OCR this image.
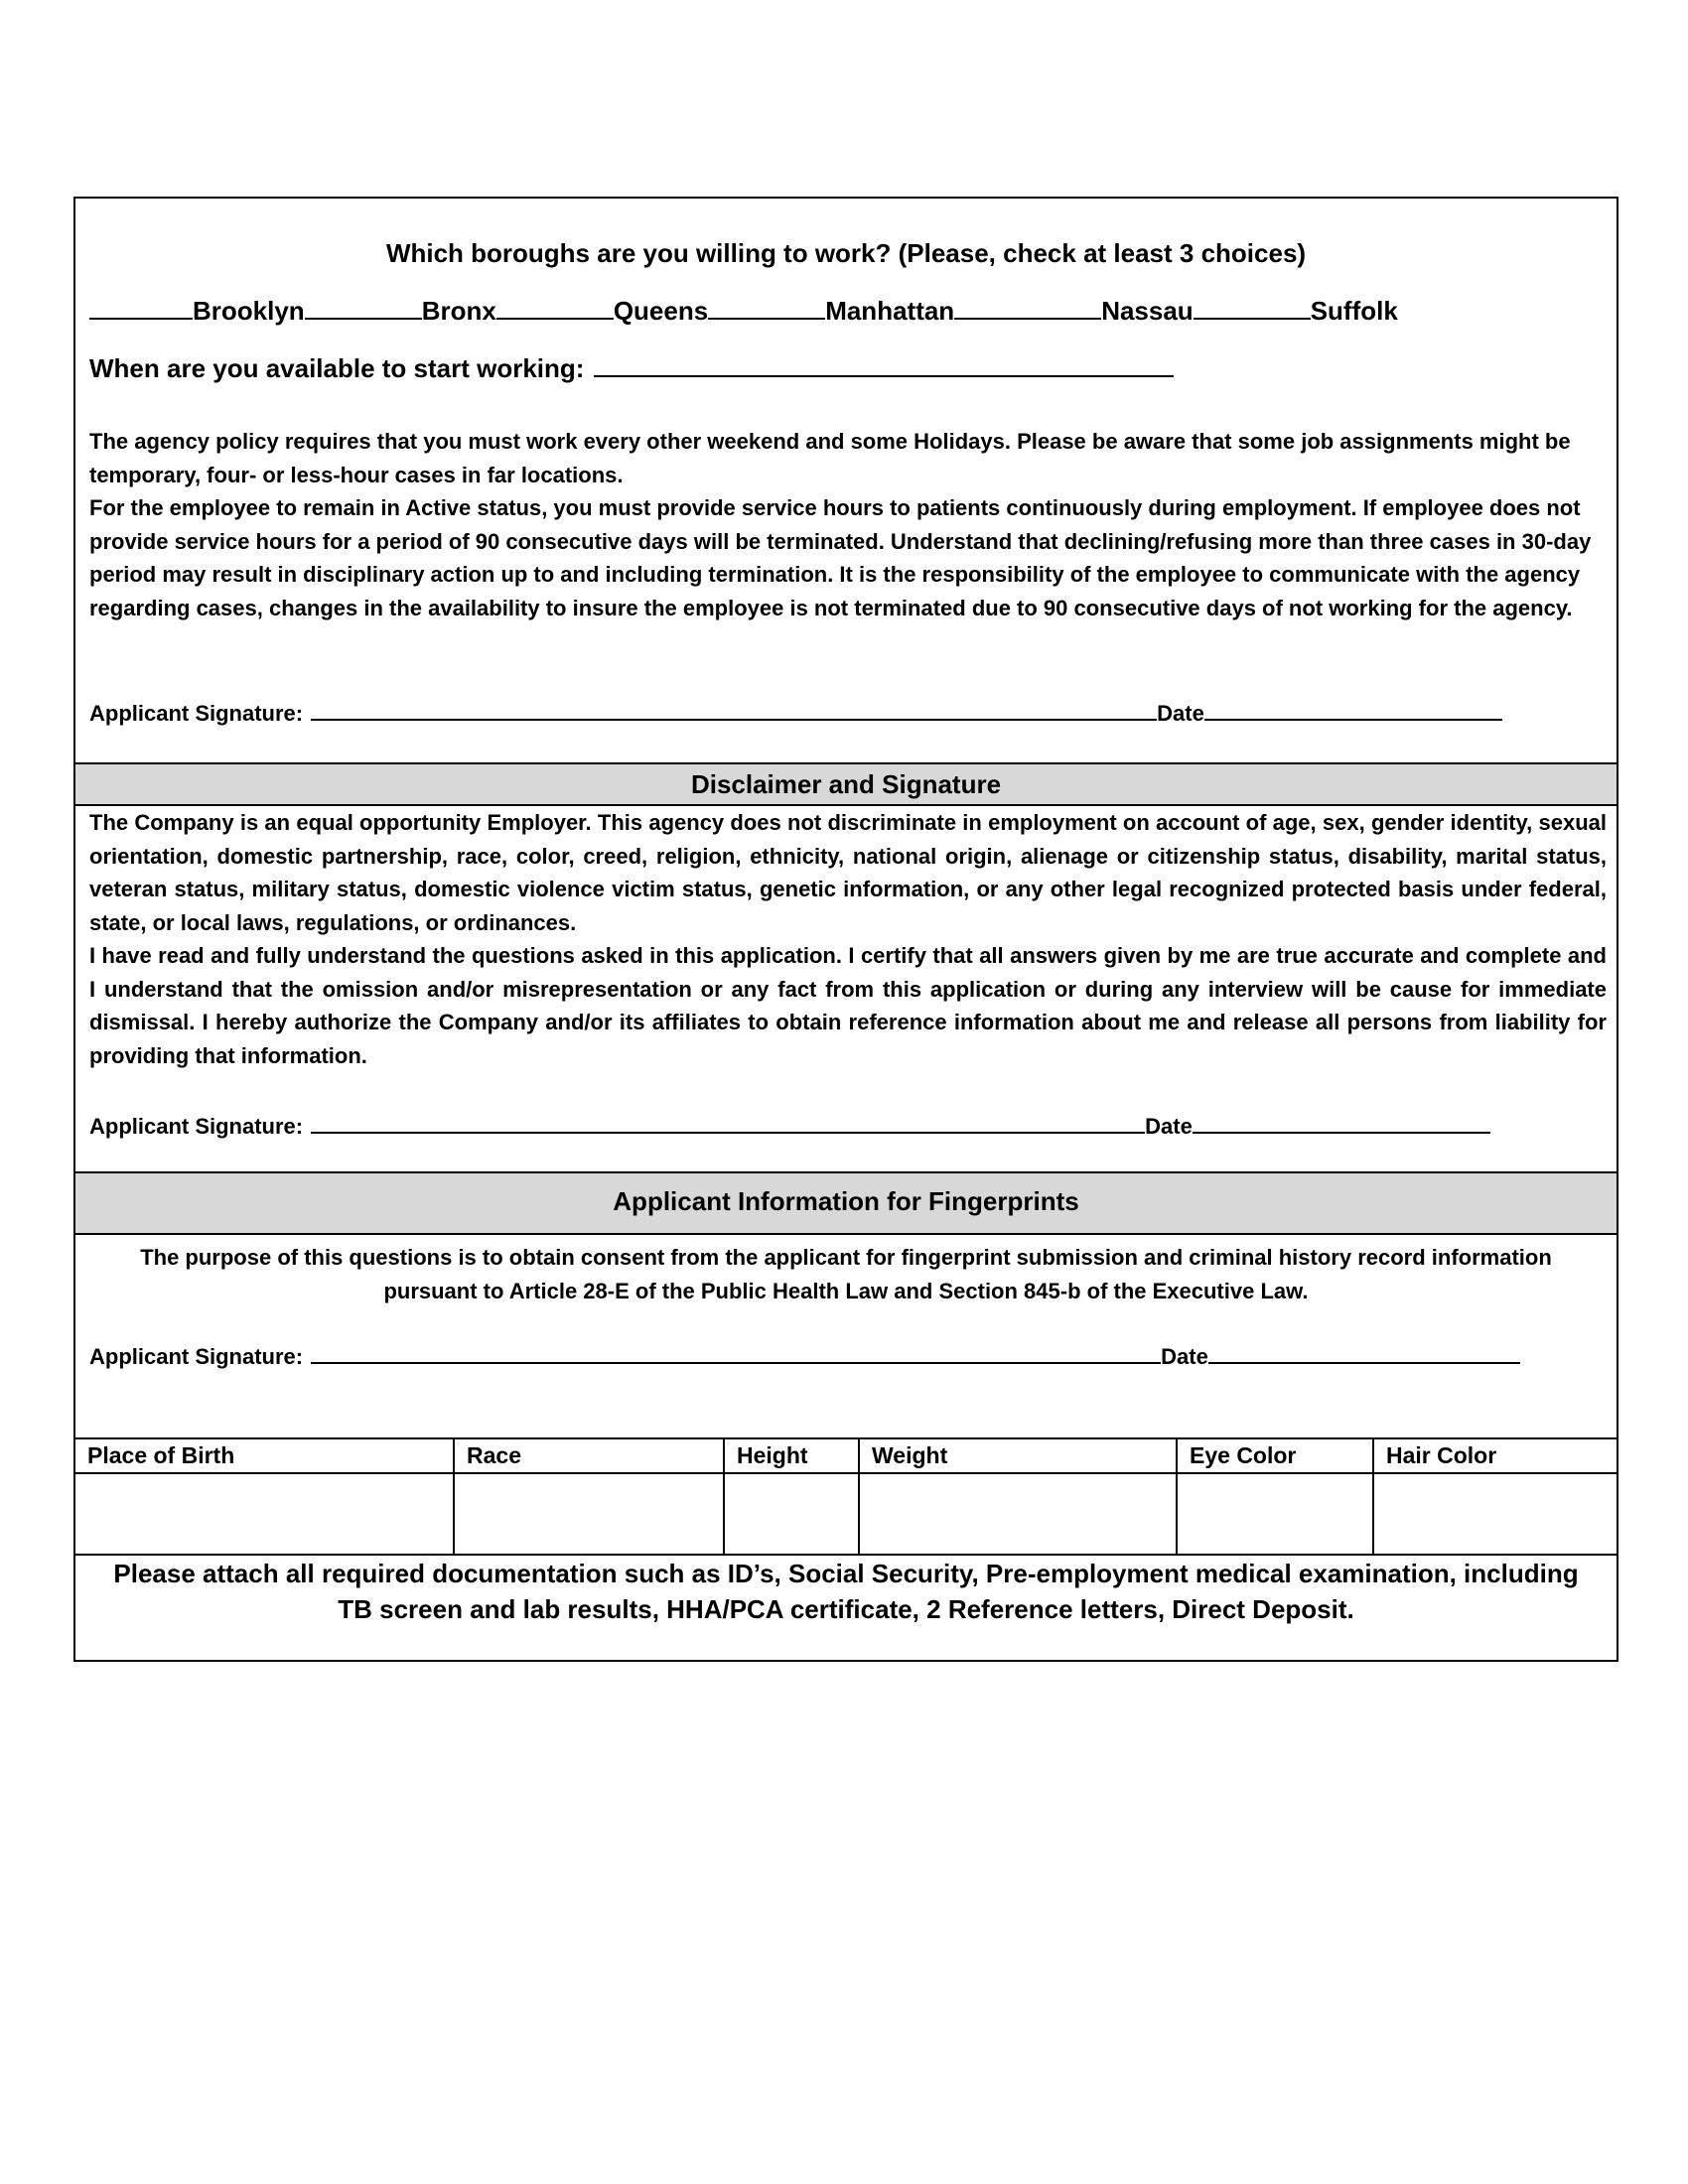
Which boroughs are you willing to work? (Please, check at least 3 choices)
Brooklyn	Bronx	Queens	Manhattan	Nassau	Suffolk
When are you available to start working:

The agency policy requires that you must work every other weekend and some Holidays. Please be aware that some job assignments might be temporary, four- or less-hour cases in far locations.

For the employee to remain in Active status, you must provide service hours to patients continuously during employment. If employee does not provide service hours for a period of 90 consecutive days will be terminated. Understand that declining/refusing more than three cases in 30-day period may result in disciplinary action up to and including termination. It is the responsibility of the employee to communicate with the agency regarding cases, changes in the availability to insure the employee is not terminated due to 90 consecutive days of not working for the agency.

Applicant Signature:	Date
Disclaimer and Signature

The Company is an equal opportunity Employer. This agency does not discriminate in employment on account of age, sex, gender identity, sexual orientation, domestic partnership, race, color, creed, religion, ethnicity, national origin, alienage or citizenship status, disability, marital status, veteran status, military status, domestic violence victim status, genetic information, or any other legal recognized protected basis under federal, state, or local laws, regulations, or ordinances.

I have read and fully understand the questions asked in this application. I certify that all answers given by me are true accurate and complete and I understand that the omission and/or misrepresentation or any fact from this application or during any interview will be cause for immediate dismissal. I hereby authorize the Company and/or its affiliates to obtain reference information about me and release all persons from liability for providing that information.

Applicant Signature:	Date
Applicant Information for Fingerprints
The purpose of this questions is to obtain consent from the applicant for fingerprint submission and criminal history record information pursuant to Article 28-E of the Public Health Law and Section 845-b of the Executive Law.
Applicant Signature:	Date
Place of Birth	Race	Height	Weight	Eye Color	Hair Color

Please attach all required documentation such as ID’s, Social Security, Pre-employment medical examination, including TB screen and lab results, HHA/PCA certificate, 2 Reference letters, Direct Deposit.
